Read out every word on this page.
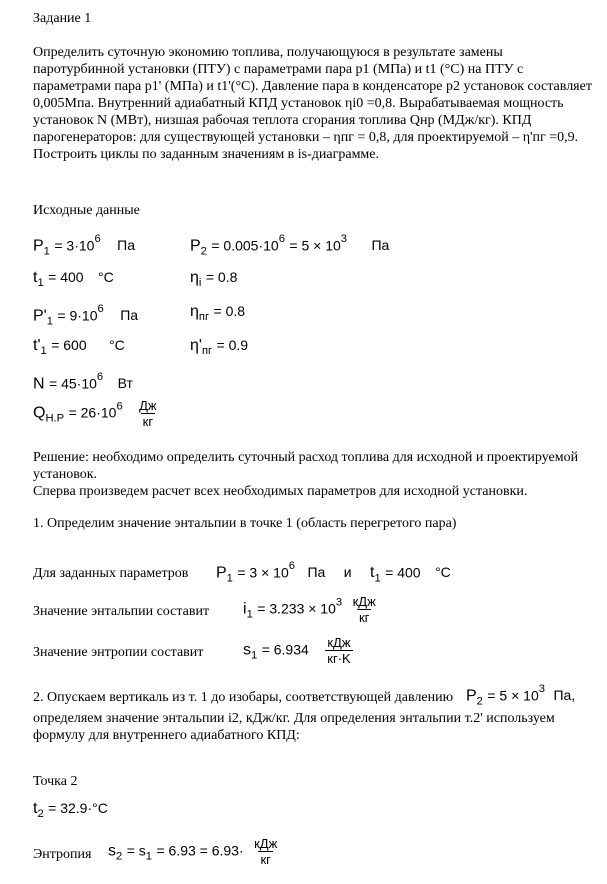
Задание 1
Определить суточную экономию топлива, получающуюся в результате замены паротурбинной установки (ПТУ) с параметрами пара p1 (МПа) и t1 (°С) на ПТУ с параметрами пара p1' (МПа) и t1'(°С). Давление пара в конденсаторе p2 установок составляет 0,005Мпа. Внутренний адиабатный КПД установок ηi0 =0,8. Вырабатываемая мощность установок N (МВт), низшая рабочая теплота сгорания топлива Qнр (МДж/кг). КПД парогенераторов: для существующей установки – ηпг = 0,8, для проектируемой – η'пг =0,9. Построить циклы по заданным значениям в is-диаграмме.
Исходные данные
$P_1 = 3\cdot 10^6$ Па	$P_2 = 0.005\cdot 10^6 = 5 \times 10^3$ Па
$t_1 = 400$ °C	$\eta_i = 0.8$
$P'_1 = 9\cdot 10^6$ Па	$\eta_{пг} = 0.8$
$t'_1 = 600$ °C	$\eta'_{пг} = 0.9$
$N = 45\cdot 10^6$ Вт
$Q_{Н.Р} = 26\cdot 10^6 \frac{Дж}{кг}$
Решение: необходимо определить суточный расход топлива для исходной и проектируемой установок.
Сперва произведем расчет всех необходимых параметров для исходной установки.
1. Определим значение энтальпии в точке 1 (область перегретого пара)
Для заданных параметров $P_1 = 3 \times 10^6$ Па и $t_1 = 400$ °C
Значение энтальпии составит $i_1 = 3.233 \times 10^3 \frac{\text{кДж}}{кг}$
Значение энтропии составит $s_1 = 6.934 \frac{\text{кДж}}{кг\cdot K}$
2. Опускаем вертикаль из т. 1 до изобары, соответствующей давлению $P_2 = 5 \times 10^3$ Па,
определяем значение энтальпии i2, кДж/кг. Для определения энтальпии т.2' используем формулу для внутреннего адиабатного КПД:
Точка 2
$t_2 = 32.9\cdot^\circ C$
Энтропия $s_2 = s_1 = 6.93 = 6.93\cdot \frac{\text{кДж}}{кг}$
